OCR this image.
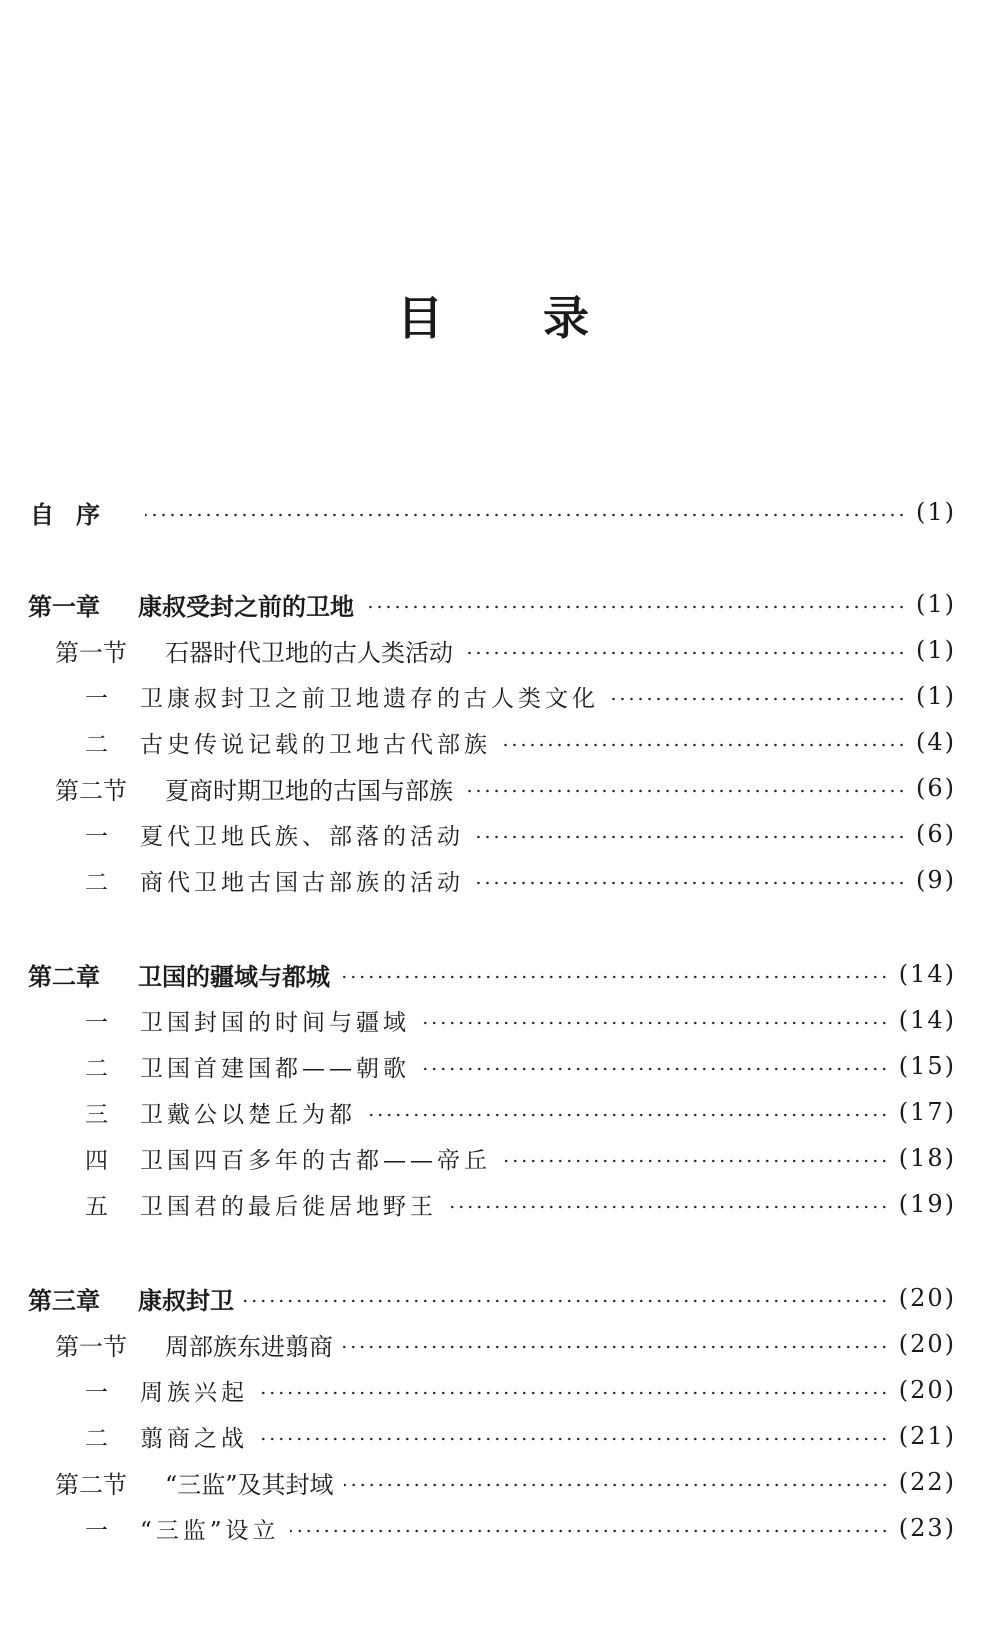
目录
自序	(1)
第一章	康叔受封之前的卫地	(1)
第一节	石器时代卫地的古人类活动	(1)
一	卫康叔封卫之前卫地遗存的古人类文化	(1)
二	古史传说记载的卫地古代部族	(4)
第二节	夏商时期卫地的古国与部族	(6)
一	夏代卫地氏族、部落的活动	(6)
二	商代卫地古国古部族的活动	(9)
第二章	卫国的疆域与都城	(14)
一	卫国封国的时间与疆域	(14)
二	卫国首建国都——朝歌	(15)
三	卫戴公以楚丘为都	(17)
四	卫国四百多年的古都——帝丘	(18)
五	卫国君的最后徙居地野王	(19)
第三章	康叔封卫	(20)
第一节	周部族东进翦商	(20)
一	周族兴起	(20)
二	翦商之战	(21)
第二节	“三监”及其封域	(22)
一	“三监”设立	(23)
